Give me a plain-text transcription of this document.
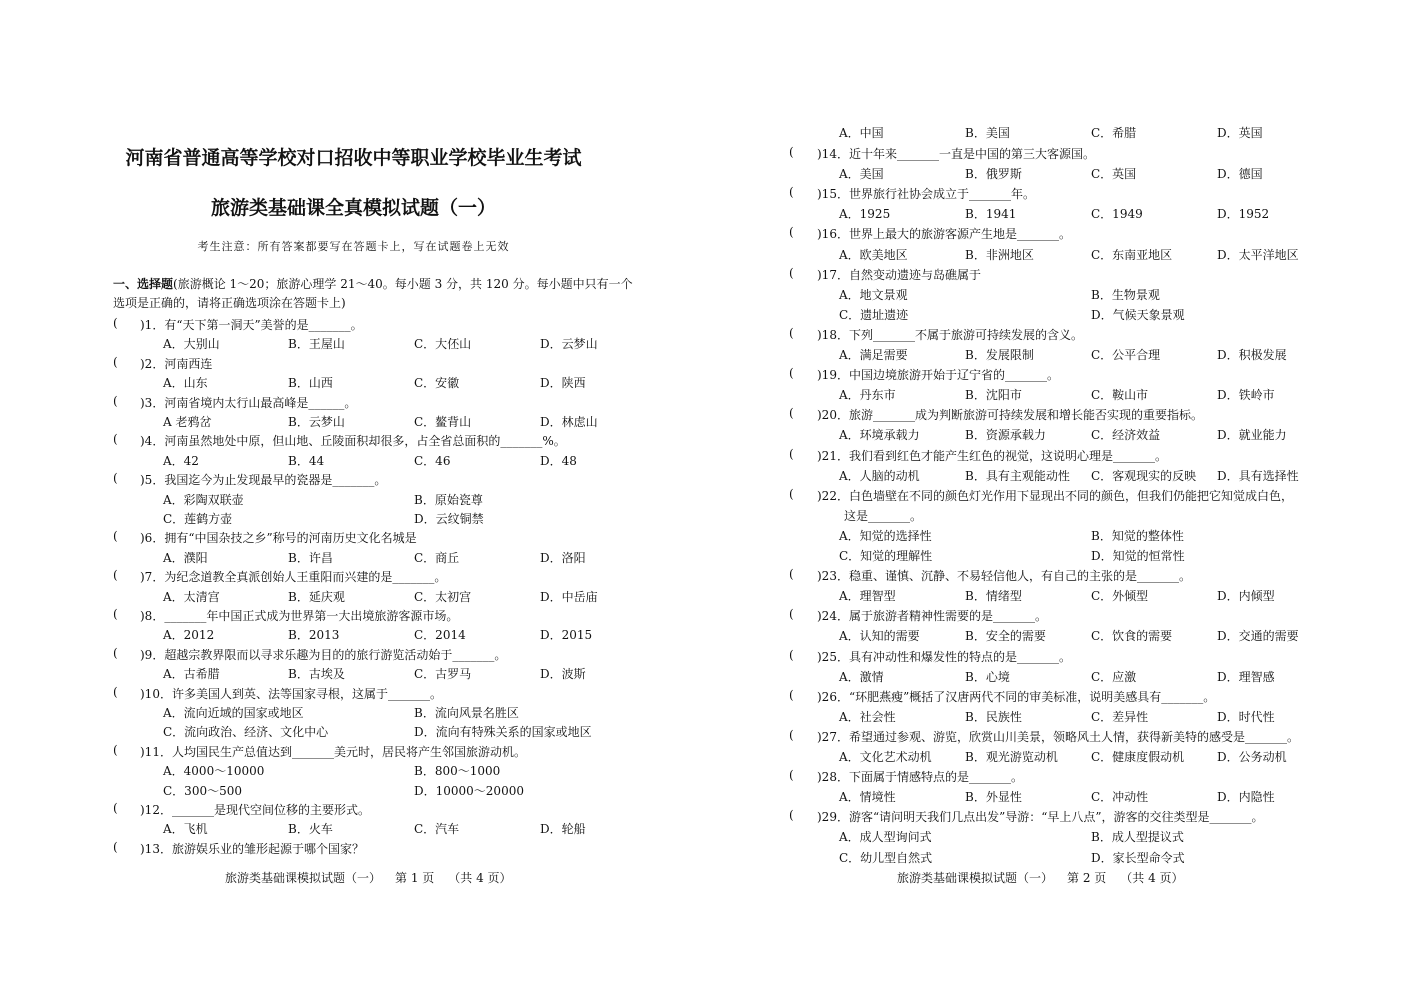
河南省普通高等学校对口招收中等职业学校毕业生考试
旅游类基础课全真模拟试题（一）
考生注意：所有答案都要写在答题卡上，写在试题卷上无效
一、选择题(旅游概论 1～20；旅游心理学 21～40。每小题 3 分，共 120 分。每小题中只有一个选项是正确的，请将正确选项涂在答题卡上)
( )1．有“天下第一洞天”美誉的是_______。
A．大别山	B．王屋山	C．大伾山	D．云梦山
( )2．河南西连
A．山东	B．山西	C．安徽	D．陕西
( )3．河南省境内太行山最高峰是______。
A 老鸦岔	B．云梦山	C．鳌背山	D．林虑山
( )4．河南虽然地处中原，但山地、丘陵面积却很多，占全省总面积的_______%。
A．42	B．44	C．46	D．48
( )5．我国迄今为止发现最早的瓷器是_______。
A．彩陶双联壶	B．原始瓷尊
C．莲鹤方壶	D．云纹铜禁
( )6．拥有“中国杂技之乡”称号的河南历史文化名城是
A．濮阳	B．许昌	C．商丘	D．洛阳
( )7．为纪念道教全真派创始人王重阳而兴建的是_______。
A．太清宫	B．延庆观	C．太初宫	D．中岳庙
( )8．_______年中国正式成为世界第一大出境旅游客源市场。
A．2012	B．2013	C．2014	D．2015
( )9．超越宗教界限而以寻求乐趣为目的的旅行游览活动始于_______。
A．古希腊	B．古埃及	C．古罗马	D．波斯
( )10．许多美国人到英、法等国家寻根，这属于_______。
A．流向近域的国家或地区	B．流向风景名胜区
C．流向政治、经济、文化中心	D．流向有特殊关系的国家或地区
( )11．人均国民生产总值达到_______美元时，居民将产生邻国旅游动机。
A．4000～10000	B．800～1000
C．300～500	D．10000～20000
( )12．_______是现代空间位移的主要形式。
A．飞机	B．火车	C．汽车	D．轮船
( )13．旅游娱乐业的雏形起源于哪个国家？
旅游类基础课模拟试题（一） 第 1 页 （共 4 页）
A．中国	B．美国	C．希腊	D．英国
( )14．近十年来_______一直是中国的第三大客源国。
A．美国	B．俄罗斯	C．英国	D．德国
( )15．世界旅行社协会成立于_______年。
A．1925	B．1941	C．1949	D．1952
( )16．世界上最大的旅游客源产生地是_______。
A．欧美地区	B．非洲地区	C．东南亚地区	D．太平洋地区
( )17．自然变动遗迹与岛礁属于
A．地文景观	B．生物景观
C．遗址遗迹	D．气候天象景观
( )18．下列_______不属于旅游可持续发展的含义。
A．满足需要	B．发展限制	C．公平合理	D．积极发展
( )19．中国边境旅游开始于辽宁省的_______。
A．丹东市	B．沈阳市	C．鞍山市	D．铁岭市
( )20．旅游_______成为判断旅游可持续发展和增长能否实现的重要指标。
A．环境承载力	B．资源承载力	C．经济效益	D．就业能力
( )21．我们看到红色才能产生红色的视觉，这说明心理是_______。
A．人脑的动机	B．具有主观能动性 C．客观现实的反映 D．具有选择性
( )22．白色墙壁在不同的颜色灯光作用下显现出不同的颜色，但我们仍能把它知觉成白色，
这是_______。
A．知觉的选择性	B．知觉的整体性
C．知觉的理解性	D．知觉的恒常性
( )23．稳重、谨慎、沉静、不易轻信他人，有自己的主张的是_______。
A．理智型	B．情绪型	C．外倾型	D．内倾型
( )24．属于旅游者精神性需要的是_______。
A．认知的需要	B．安全的需要	C．饮食的需要	D．交通的需要
( )25．具有冲动性和爆发性的特点的是_______。
A．激情	B．心境	C．应激	D．理智感
( )26．“环肥燕瘦”概括了汉唐两代不同的审美标准，说明美感具有_______。
A．社会性	B．民族性	C．差异性	D．时代性
( )27．希望通过参观、游览，欣赏山川美景，领略风土人情，获得新美特的感受是_______。
A．文化艺术动机	B．观光游览动机	C．健康度假动机	D．公务动机
( )28．下面属于情感特点的是_______。
A．情境性	B．外显性	C．冲动性	D．内隐性
( )29．游客“请问明天我们几点出发”导游：“早上八点”，游客的交往类型是_______。
A．成人型询问式	B．成人型提议式
C．幼儿型自然式	D．家长型命令式
旅游类基础课模拟试题（一） 第 2 页 （共 4 页）
